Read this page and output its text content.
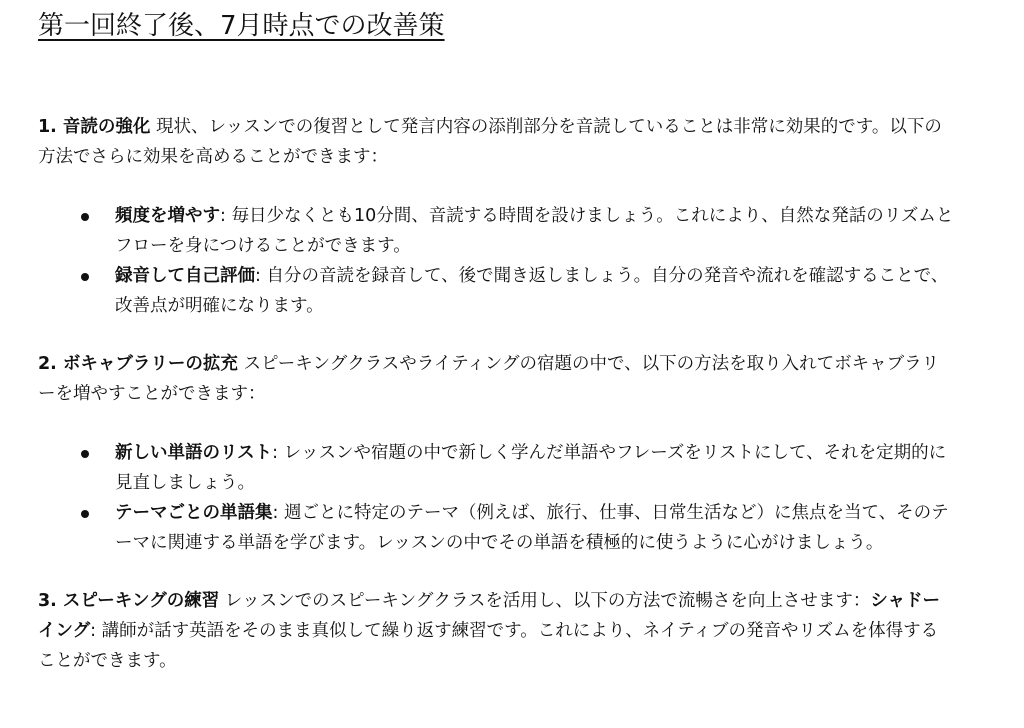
第一回終了後、7月時点での改善策

1. 音読の強化 現状、レッスンでの復習として発言内容の添削部分を音読していることは非常に効果的です。以下の方法でさらに効果を高めることができます：

頻度を増やす: 毎日少なくとも10分間、音読する時間を設けましょう。これにより、自然な発話のリズムとフローを身につけることができます。
録音して自己評価: 自分の音読を録音して、後で聞き返しましょう。自分の発音や流れを確認することで、改善点が明確になります。

2. ボキャブラリーの拡充 スピーキングクラスやライティングの宿題の中で、以下の方法を取り入れてボキャブラリーを増やすことができます：

新しい単語のリスト: レッスンや宿題の中で新しく学んだ単語やフレーズをリストにして、それを定期的に見直しましょう。
テーマごとの単語集: 週ごとに特定のテーマ（例えば、旅行、仕事、日常生活など）に焦点を当て、そのテーマに関連する単語を学びます。レッスンの中でその単語を積極的に使うように心がけましょう。

3. スピーキングの練習 レッスンでのスピーキングクラスを活用し、以下の方法で流暢さを向上させます：シャドーイング: 講師が話す英語をそのまま真似して繰り返す練習です。これにより、ネイティブの発音やリズムを体得することができます。
